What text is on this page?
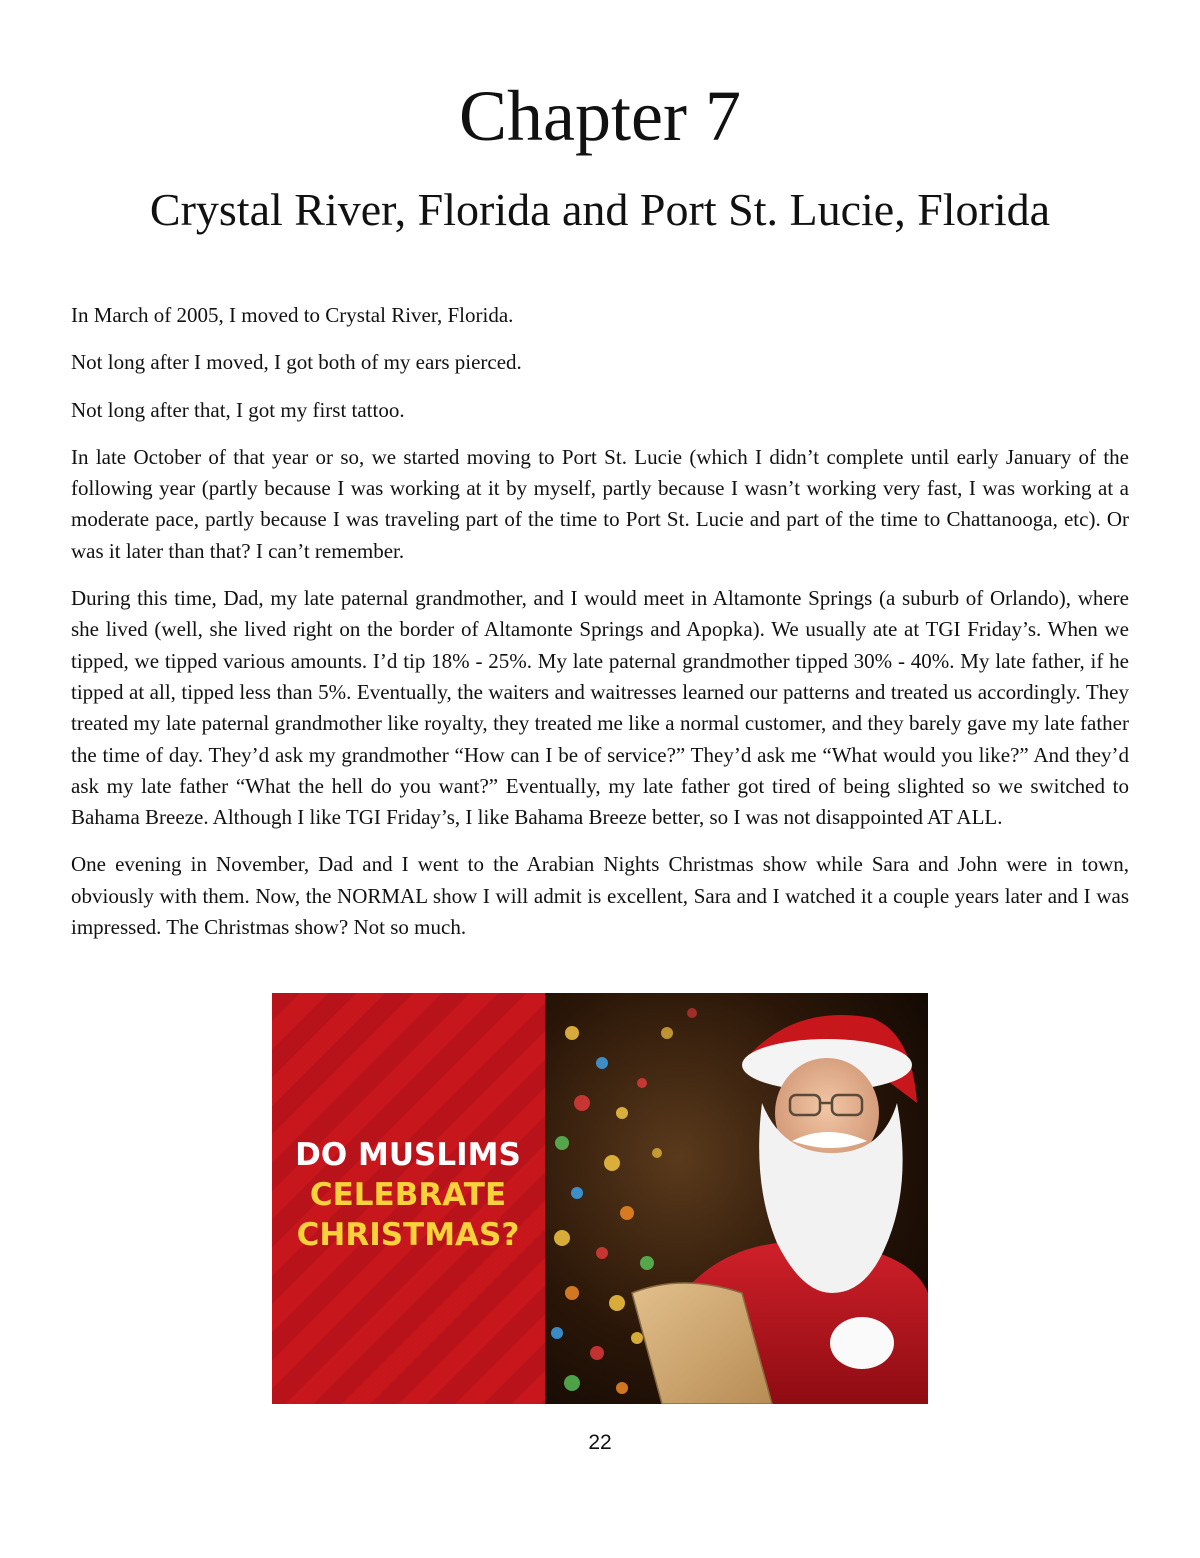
Chapter 7
Crystal River, Florida and Port St. Lucie, Florida

In March of 2005, I moved to Crystal River, Florida.

Not long after I moved, I got both of my ears pierced.

Not long after that, I got my first tattoo.

In late October of that year or so, we started moving to Port St. Lucie (which I didn’t complete until early January of the following year (partly because I was working at it by myself, partly because I wasn’t working very fast, I was working at a moderate pace, partly because I was traveling part of the time to Port St. Lucie and part of the time to Chattanooga, etc). Or was it later than that? I can’t remember.

During this time, Dad, my late paternal grandmother, and I would meet in Altamonte Springs (a suburb of Orlando), where she lived (well, she lived right on the border of Altamonte Springs and Apopka). We usually ate at TGI Friday’s. When we tipped, we tipped various amounts. I’d tip 18% - 25%. My late paternal grandmother tipped 30% - 40%. My late father, if he tipped at all, tipped less than 5%. Eventually, the waiters and waitresses learned our patterns and treated us accordingly. They treated my late paternal grandmother like royalty, they treated me like a normal customer, and they barely gave my late father the time of day. They’d ask my grandmother “How can I be of service?” They’d ask me “What would you like?” And they’d ask my late father “What the hell do you want?” Eventually, my late father got tired of being slighted so we switched to Bahama Breeze. Although I like TGI Friday’s, I like Bahama Breeze better, so I was not disappointed AT ALL.

One evening in November, Dad and I went to the Arabian Nights Christmas show while Sara and John were in town, obviously with them. Now, the NORMAL show I will admit is excellent, Sara and I watched it a couple years later and I was impressed. The Christmas show? Not so much.

DO MUSLIMS
CELEBRATE
CHRISTMAS?
22
